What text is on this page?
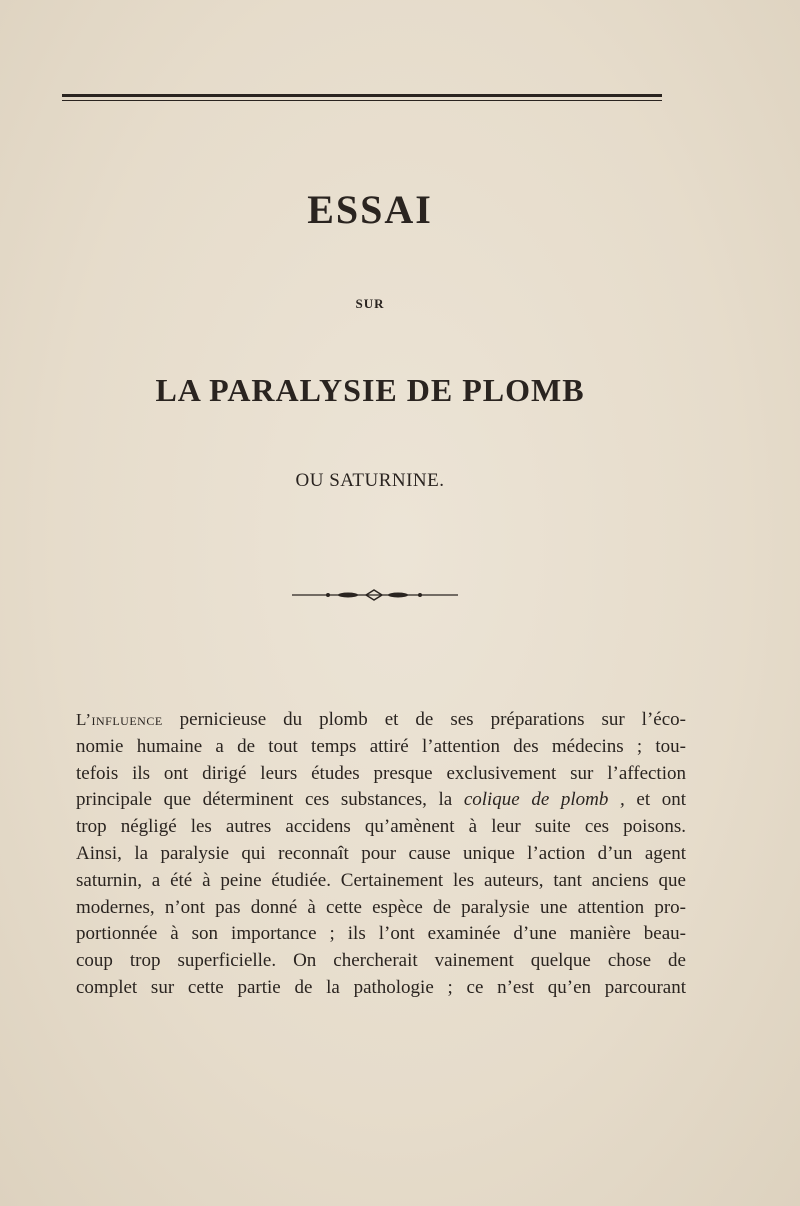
ESSAI
SUR
LA PARALYSIE DE PLOMB
OU SATURNINE.
L’influence pernicieuse du plomb et de ses préparations sur l’éco-
nomie humaine a de tout temps attiré l’attention des médecins ; tou-
tefois ils ont dirigé leurs études presque exclusivement sur l’affection
principale que déterminent ces substances, la colique de plomb , et ont
trop négligé les autres accidens qu’amènent à leur suite ces poisons.
Ainsi, la paralysie qui reconnaît pour cause unique l’action d’un agent
saturnin, a été à peine étudiée. Certainement les auteurs, tant anciens que
modernes, n’ont pas donné à cette espèce de paralysie une attention pro-
portionnée à son importance ; ils l’ont examinée d’une manière beau-
coup trop superficielle. On chercherait vainement quelque chose de
complet sur cette partie de la pathologie ; ce n’est qu’en parcourant
